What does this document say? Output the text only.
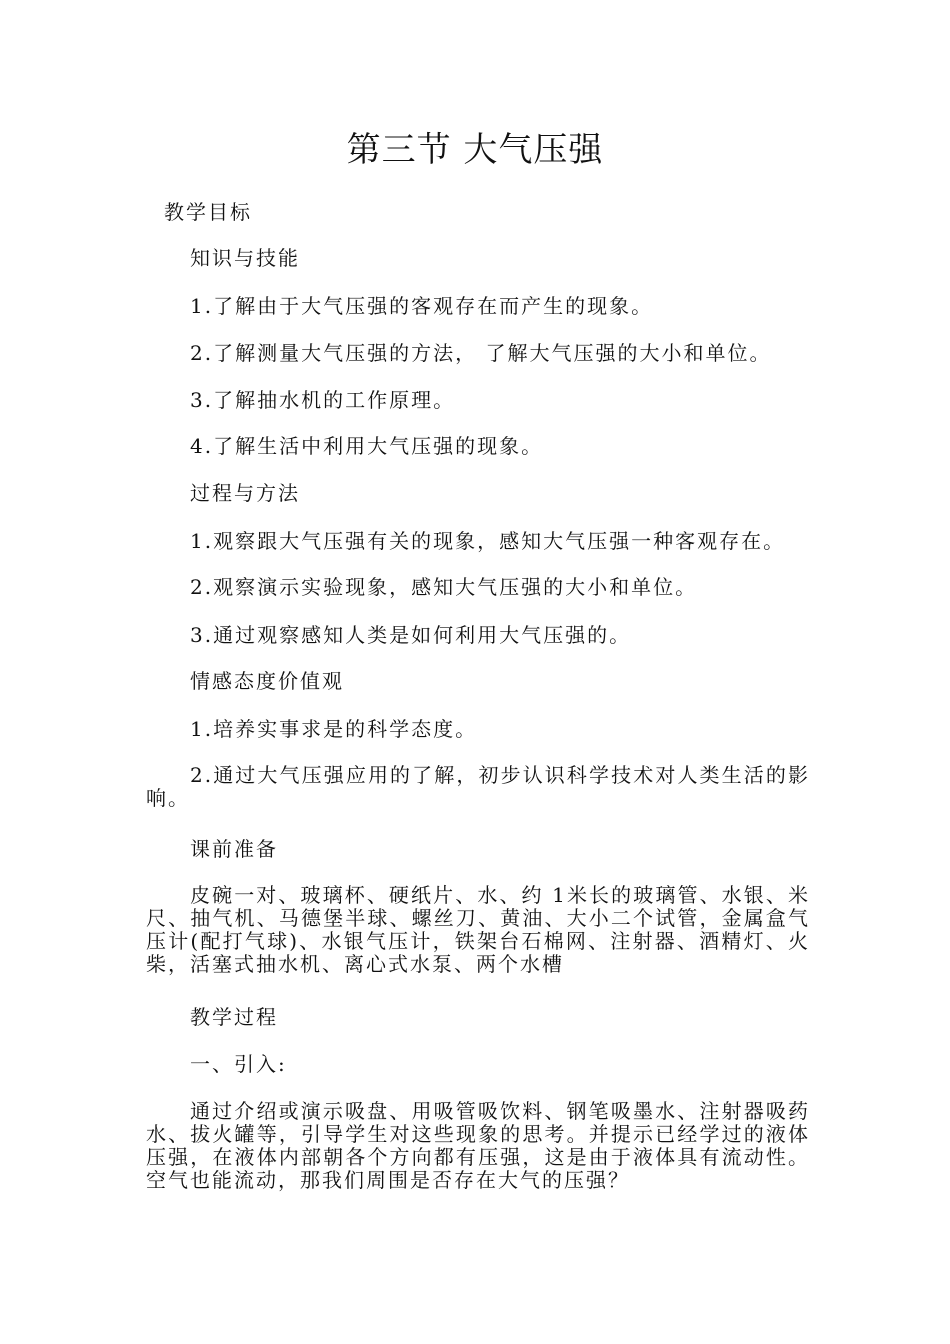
第三节 大气压强
教学目标
知识与技能
1.了解由于大气压强的客观存在而产生的现象。
2.了解测量大气压强的方法， 了解大气压强的大小和单位。
3.了解抽水机的工作原理。
4.了解生活中利用大气压强的现象。
过程与方法
1.观察跟大气压强有关的现象，感知大气压强一种客观存在。
2.观察演示实验现象，感知大气压强的大小和单位。
3.通过观察感知人类是如何利用大气压强的。
情感态度价值观
1.培养实事求是的科学态度。
2.通过大气压强应用的了解，初步认识科学技术对人类生活的影响。
课前准备
皮碗一对、玻璃杯、硬纸片、水、约 1米长的玻璃管、水银、米尺、抽气机、马德堡半球、螺丝刀、黄油、大小二个试管，金属盒气压计(配打气球)、水银气压计，铁架台石棉网、注射器、酒精灯、火柴，活塞式抽水机、离心式水泵、两个水槽
教学过程
一、引入:
通过介绍或演示吸盘、用吸管吸饮料、钢笔吸墨水、注射器吸药水、拔火罐等，引导学生对这些现象的思考。并提示已经学过的液体压强，在液体内部朝各个方向都有压强，这是由于液体具有流动性。空气也能流动，那我们周围是否存在大气的压强？
